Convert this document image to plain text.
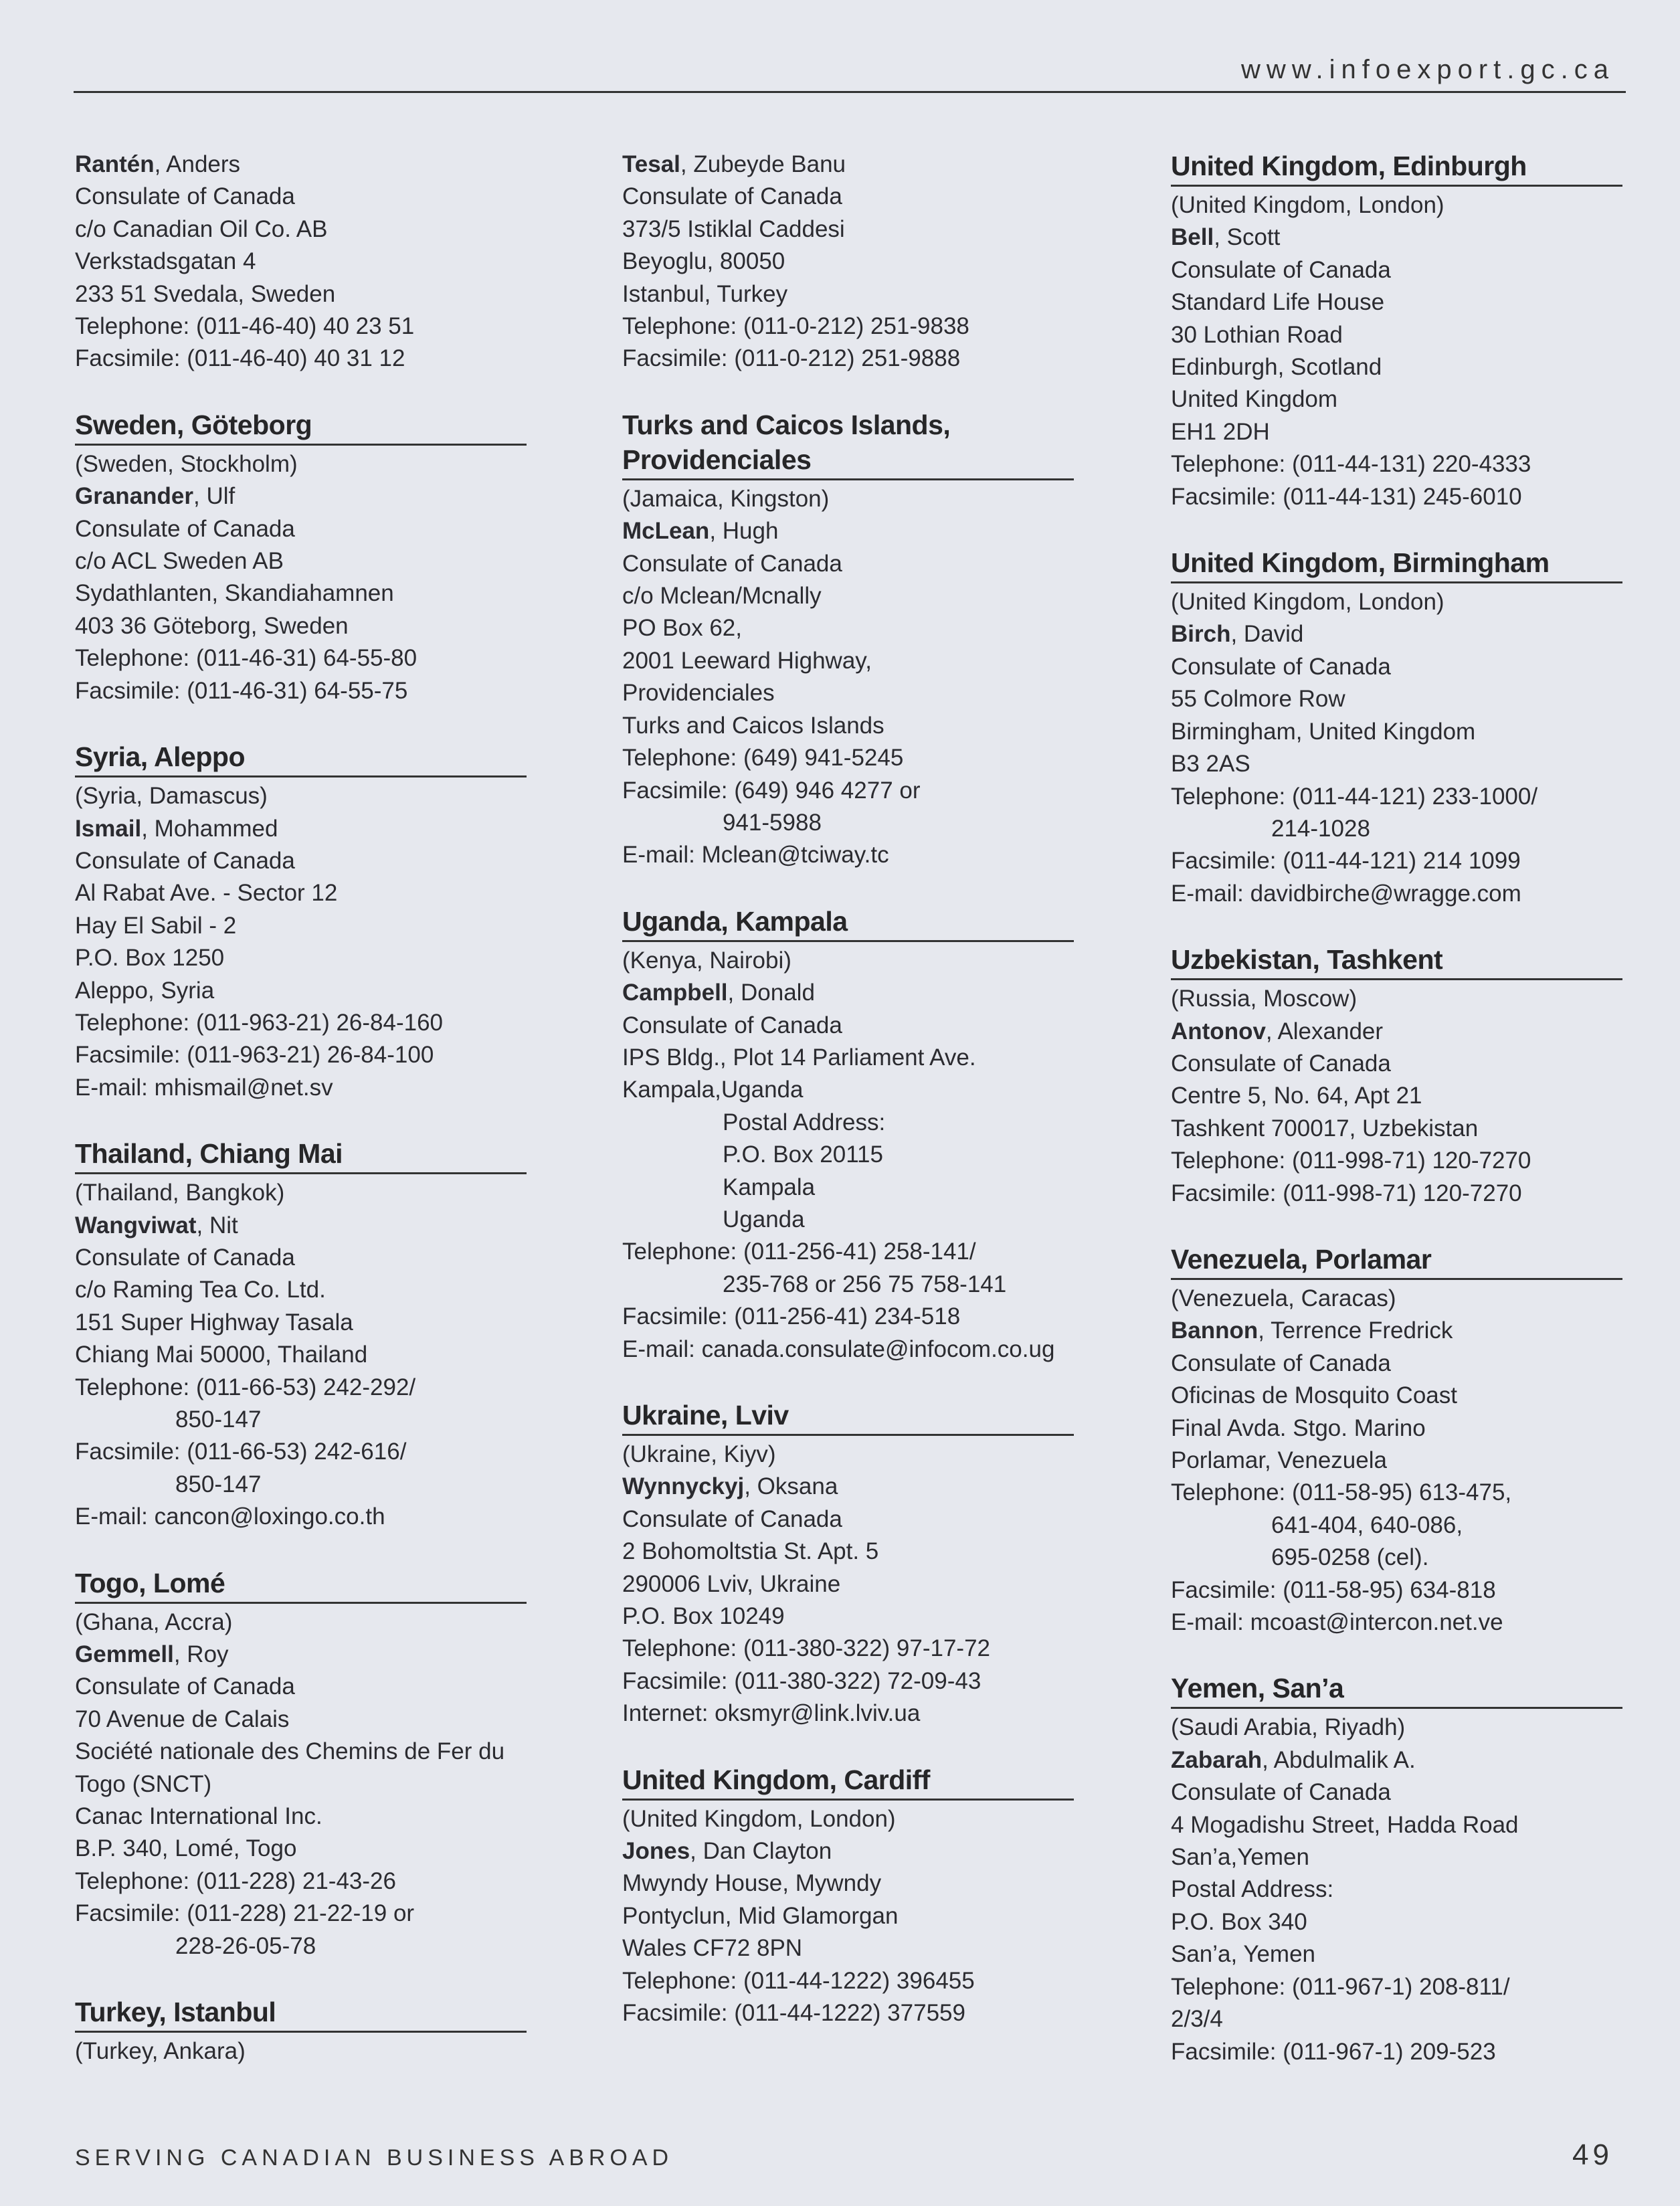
www.infoexport.gc.ca
Rantén, Anders
Consulate of Canada
c/o Canadian Oil Co. AB
Verkstadsgatan 4
233 51 Svedala, Sweden
Telephone: (011-46-40) 40 23 51
Facsimile: (011-46-40) 40 31 12
Sweden, Göteborg
(Sweden, Stockholm)
Granander, Ulf
Consulate of Canada
c/o ACL Sweden AB
Sydathlanten, Skandiahamnen
403 36 Göteborg, Sweden
Telephone: (011-46-31) 64-55-80
Facsimile: (011-46-31) 64-55-75
Syria, Aleppo
(Syria, Damascus)
Ismail, Mohammed
Consulate of Canada
Al Rabat Ave. - Sector 12
Hay El Sabil - 2
P.O. Box 1250
Aleppo, Syria
Telephone: (011-963-21) 26-84-160
Facsimile: (011-963-21) 26-84-100
E-mail: mhismail@net.sv
Thailand, Chiang Mai
(Thailand, Bangkok)
Wangviwat, Nit
Consulate of Canada
c/o Raming Tea Co. Ltd.
151 Super Highway Tasala
Chiang Mai 50000, Thailand
Telephone: (011-66-53) 242-292/
850-147
Facsimile: (011-66-53) 242-616/
850-147
E-mail: cancon@loxingo.co.th
Togo, Lomé
(Ghana, Accra)
Gemmell, Roy
Consulate of Canada
70 Avenue de Calais
Société nationale des Chemins de Fer du
Togo (SNCT)
Canac International Inc.
B.P. 340, Lomé, Togo
Telephone: (011-228) 21-43-26
Facsimile: (011-228) 21-22-19 or
228-26-05-78
Turkey, Istanbul
(Turkey, Ankara)
Tesal, Zubeyde Banu
Consulate of Canada
373/5 Istiklal Caddesi
Beyoglu, 80050
Istanbul, Turkey
Telephone: (011-0-212) 251-9838
Facsimile: (011-0-212) 251-9888
Turks and Caicos Islands, Providenciales
(Jamaica, Kingston)
McLean, Hugh
Consulate of Canada
c/o Mclean/Mcnally
PO Box 62,
2001 Leeward Highway,
Providenciales
Turks and Caicos Islands
Telephone: (649) 941-5245
Facsimile: (649) 946 4277 or
941-5988
E-mail: Mclean@tciway.tc
Uganda, Kampala
(Kenya, Nairobi)
Campbell, Donald
Consulate of Canada
IPS Bldg., Plot 14 Parliament Ave.
Kampala,Uganda
Postal Address:
P.O. Box 20115
Kampala
Uganda
Telephone: (011-256-41) 258-141/
235-768 or 256 75 758-141
Facsimile: (011-256-41) 234-518
E-mail: canada.consulate@infocom.co.ug
Ukraine, Lviv
(Ukraine, Kiyv)
Wynnyckyj, Oksana
Consulate of Canada
2 Bohomoltstia St. Apt. 5
290006 Lviv, Ukraine
P.O. Box 10249
Telephone: (011-380-322) 97-17-72
Facsimile: (011-380-322) 72-09-43
Internet: oksmyr@link.lviv.ua
United Kingdom, Cardiff
(United Kingdom, London)
Jones, Dan Clayton
Mwyndy House, Mywndy
Pontyclun, Mid Glamorgan
Wales CF72 8PN
Telephone: (011-44-1222) 396455
Facsimile: (011-44-1222) 377559
United Kingdom, Edinburgh
(United Kingdom, London)
Bell, Scott
Consulate of Canada
Standard Life House
30 Lothian Road
Edinburgh, Scotland
United Kingdom
EH1 2DH
Telephone: (011-44-131) 220-4333
Facsimile: (011-44-131) 245-6010
United Kingdom, Birmingham
(United Kingdom, London)
Birch, David
Consulate of Canada
55 Colmore Row
Birmingham, United Kingdom
B3 2AS
Telephone: (011-44-121) 233-1000/
214-1028
Facsimile: (011-44-121) 214 1099
E-mail: davidbirche@wragge.com
Uzbekistan, Tashkent
(Russia, Moscow)
Antonov, Alexander
Consulate of Canada
Centre 5, No. 64, Apt 21
Tashkent 700017, Uzbekistan
Telephone: (011-998-71) 120-7270
Facsimile: (011-998-71) 120-7270
Venezuela, Porlamar
(Venezuela, Caracas)
Bannon, Terrence Fredrick
Consulate of Canada
Oficinas de Mosquito Coast
Final Avda. Stgo. Marino
Porlamar, Venezuela
Telephone: (011-58-95) 613-475,
641-404, 640-086,
695-0258 (cel).
Facsimile: (011-58-95) 634-818
E-mail: mcoast@intercon.net.ve
Yemen, San’a
(Saudi Arabia, Riyadh)
Zabarah, Abdulmalik A.
Consulate of Canada
4 Mogadishu Street, Hadda Road
San’a,Yemen
Postal Address:
P.O. Box 340
San’a, Yemen
Telephone: (011-967-1) 208-811/
2/3/4
Facsimile: (011-967-1) 209-523
SERVING CANADIAN BUSINESS ABROAD	49
